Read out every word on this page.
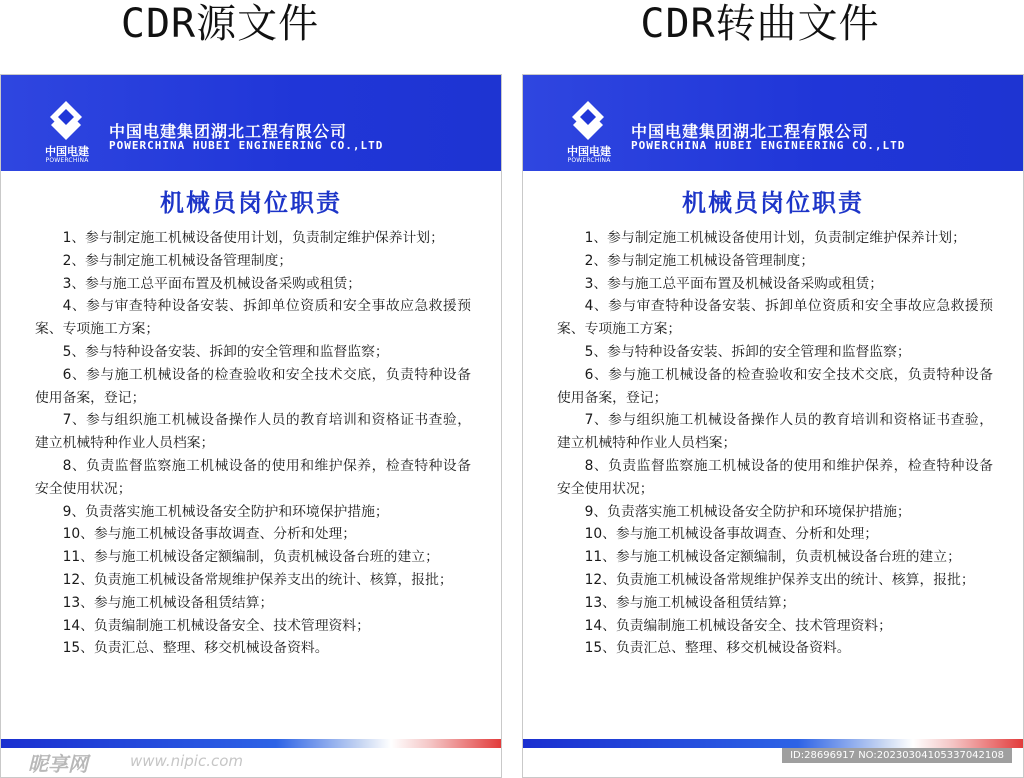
CDR源文件	CDR转曲文件
中国电建
POWERCHINA
中国电建集团湖北工程有限公司
POWERCHINA HUBEI ENGINEERING CO.,LTD
机械员岗位职责

1、参与制定施工机械设备使用计划，负责制定维护保养计划；

2、参与制定施工机械设备管理制度；

3、参与施工总平面布置及机械设备采购或租赁；

4、参与审查特种设备安装、拆卸单位资质和安全事故应急救援预案、专项施工方案；

5、参与特种设备安装、拆卸的安全管理和监督监察；

6、参与施工机械设备的检查验收和安全技术交底，负责特种设备使用备案，登记；

7、参与组织施工机械设备操作人员的教育培训和资格证书查验，建立机械特种作业人员档案；

8、负责监督监察施工机械设备的使用和维护保养，检查特种设备安全使用状况；

9、负责落实施工机械设备安全防护和环境保护措施；

10、参与施工机械设备事故调查、分析和处理；

11、参与施工机械设备定额编制，负责机械设备台班的建立；

12、负责施工机械设备常规维护保养支出的统计、核算，报批；

13、参与施工机械设备租赁结算；

14、负责编制施工机械设备安全、技术管理资料；

15、负责汇总、整理、移交机械设备资料。

中国电建
POWERCHINA
中国电建集团湖北工程有限公司
POWERCHINA HUBEI ENGINEERING CO.,LTD
机械员岗位职责

1、参与制定施工机械设备使用计划，负责制定维护保养计划；

2、参与制定施工机械设备管理制度；

3、参与施工总平面布置及机械设备采购或租赁；

4、参与审查特种设备安装、拆卸单位资质和安全事故应急救援预案、专项施工方案；

5、参与特种设备安装、拆卸的安全管理和监督监察；

6、参与施工机械设备的检查验收和安全技术交底，负责特种设备使用备案，登记；

7、参与组织施工机械设备操作人员的教育培训和资格证书查验，建立机械特种作业人员档案；

8、负责监督监察施工机械设备的使用和维护保养，检查特种设备安全使用状况；

9、负责落实施工机械设备安全防护和环境保护措施；

10、参与施工机械设备事故调查、分析和处理；

11、参与施工机械设备定额编制，负责机械设备台班的建立；

12、负责施工机械设备常规维护保养支出的统计、核算，报批；

13、参与施工机械设备租赁结算；

14、负责编制施工机械设备安全、技术管理资料；

15、负责汇总、整理、移交机械设备资料。

昵享网	www.nipic.com	ID:28696917 NO:20230304105337042108
